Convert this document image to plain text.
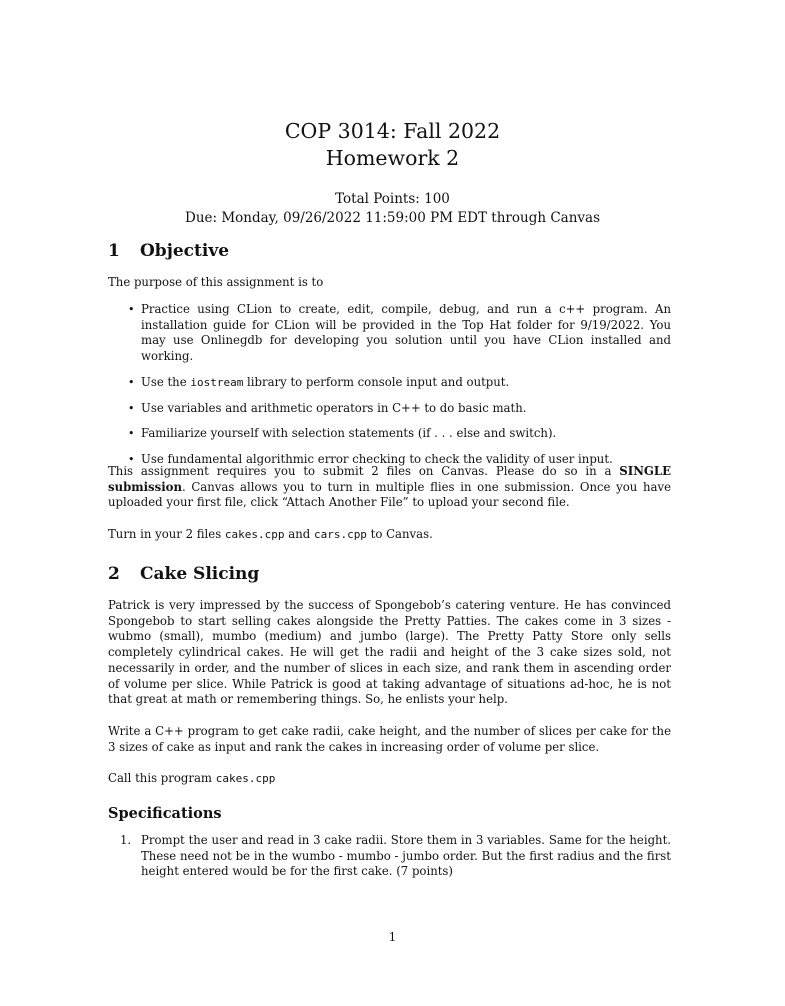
COP 3014: Fall 2022
Homework 2
Total Points: 100
Due: Monday, 09/26/2022 11:59:00 PM EDT through Canvas
1 Objective

The purpose of this assignment is to

• Practice using CLion to create, edit, compile, debug, and run a c++ program. An installation guide for CLion will be provided in the Top Hat folder for 9/19/2022. You may use Onlinegdb for developing you solution until you have CLion installed and working.
• Use the iostream library to perform console input and output.
• Use variables and arithmetic operators in C++ to do basic math.
• Familiarize yourself with selection statements (if . . . else and switch).
• Use fundamental algorithmic error checking to check the validity of user input.

This assignment requires you to submit 2 files on Canvas. Please do so in a SINGLE submission. Canvas allows you to turn in multiple flies in one submission. Once you have uploaded your first file, click “Attach Another File” to upload your second file.

Turn in your 2 files cakes.cpp and cars.cpp to Canvas.

2 Cake Slicing

Patrick is very impressed by the success of Spongebob’s catering venture. He has convinced Spongebob to start selling cakes alongside the Pretty Patties. The cakes come in 3 sizes - wubmo (small), mumbo (medium) and jumbo (large). The Pretty Patty Store only sells completely cylindrical cakes. He will get the radii and height of the 3 cake sizes sold, not necessarily in order, and the number of slices in each size, and rank them in ascending order of volume per slice. While Patrick is good at taking advantage of situations ad-hoc, he is not that great at math or remembering things. So, he enlists your help.

Write a C++ program to get cake radii, cake height, and the number of slices per cake for the 3 sizes of cake as input and rank the cakes in increasing order of volume per slice.

Call this program cakes.cpp

Specifications
1. Prompt the user and read in 3 cake radii. Store them in 3 variables. Same for the height. These need not be in the wumbo - mumbo - jumbo order. But the first radius and the first height entered would be for the first cake. (7 points)
1
